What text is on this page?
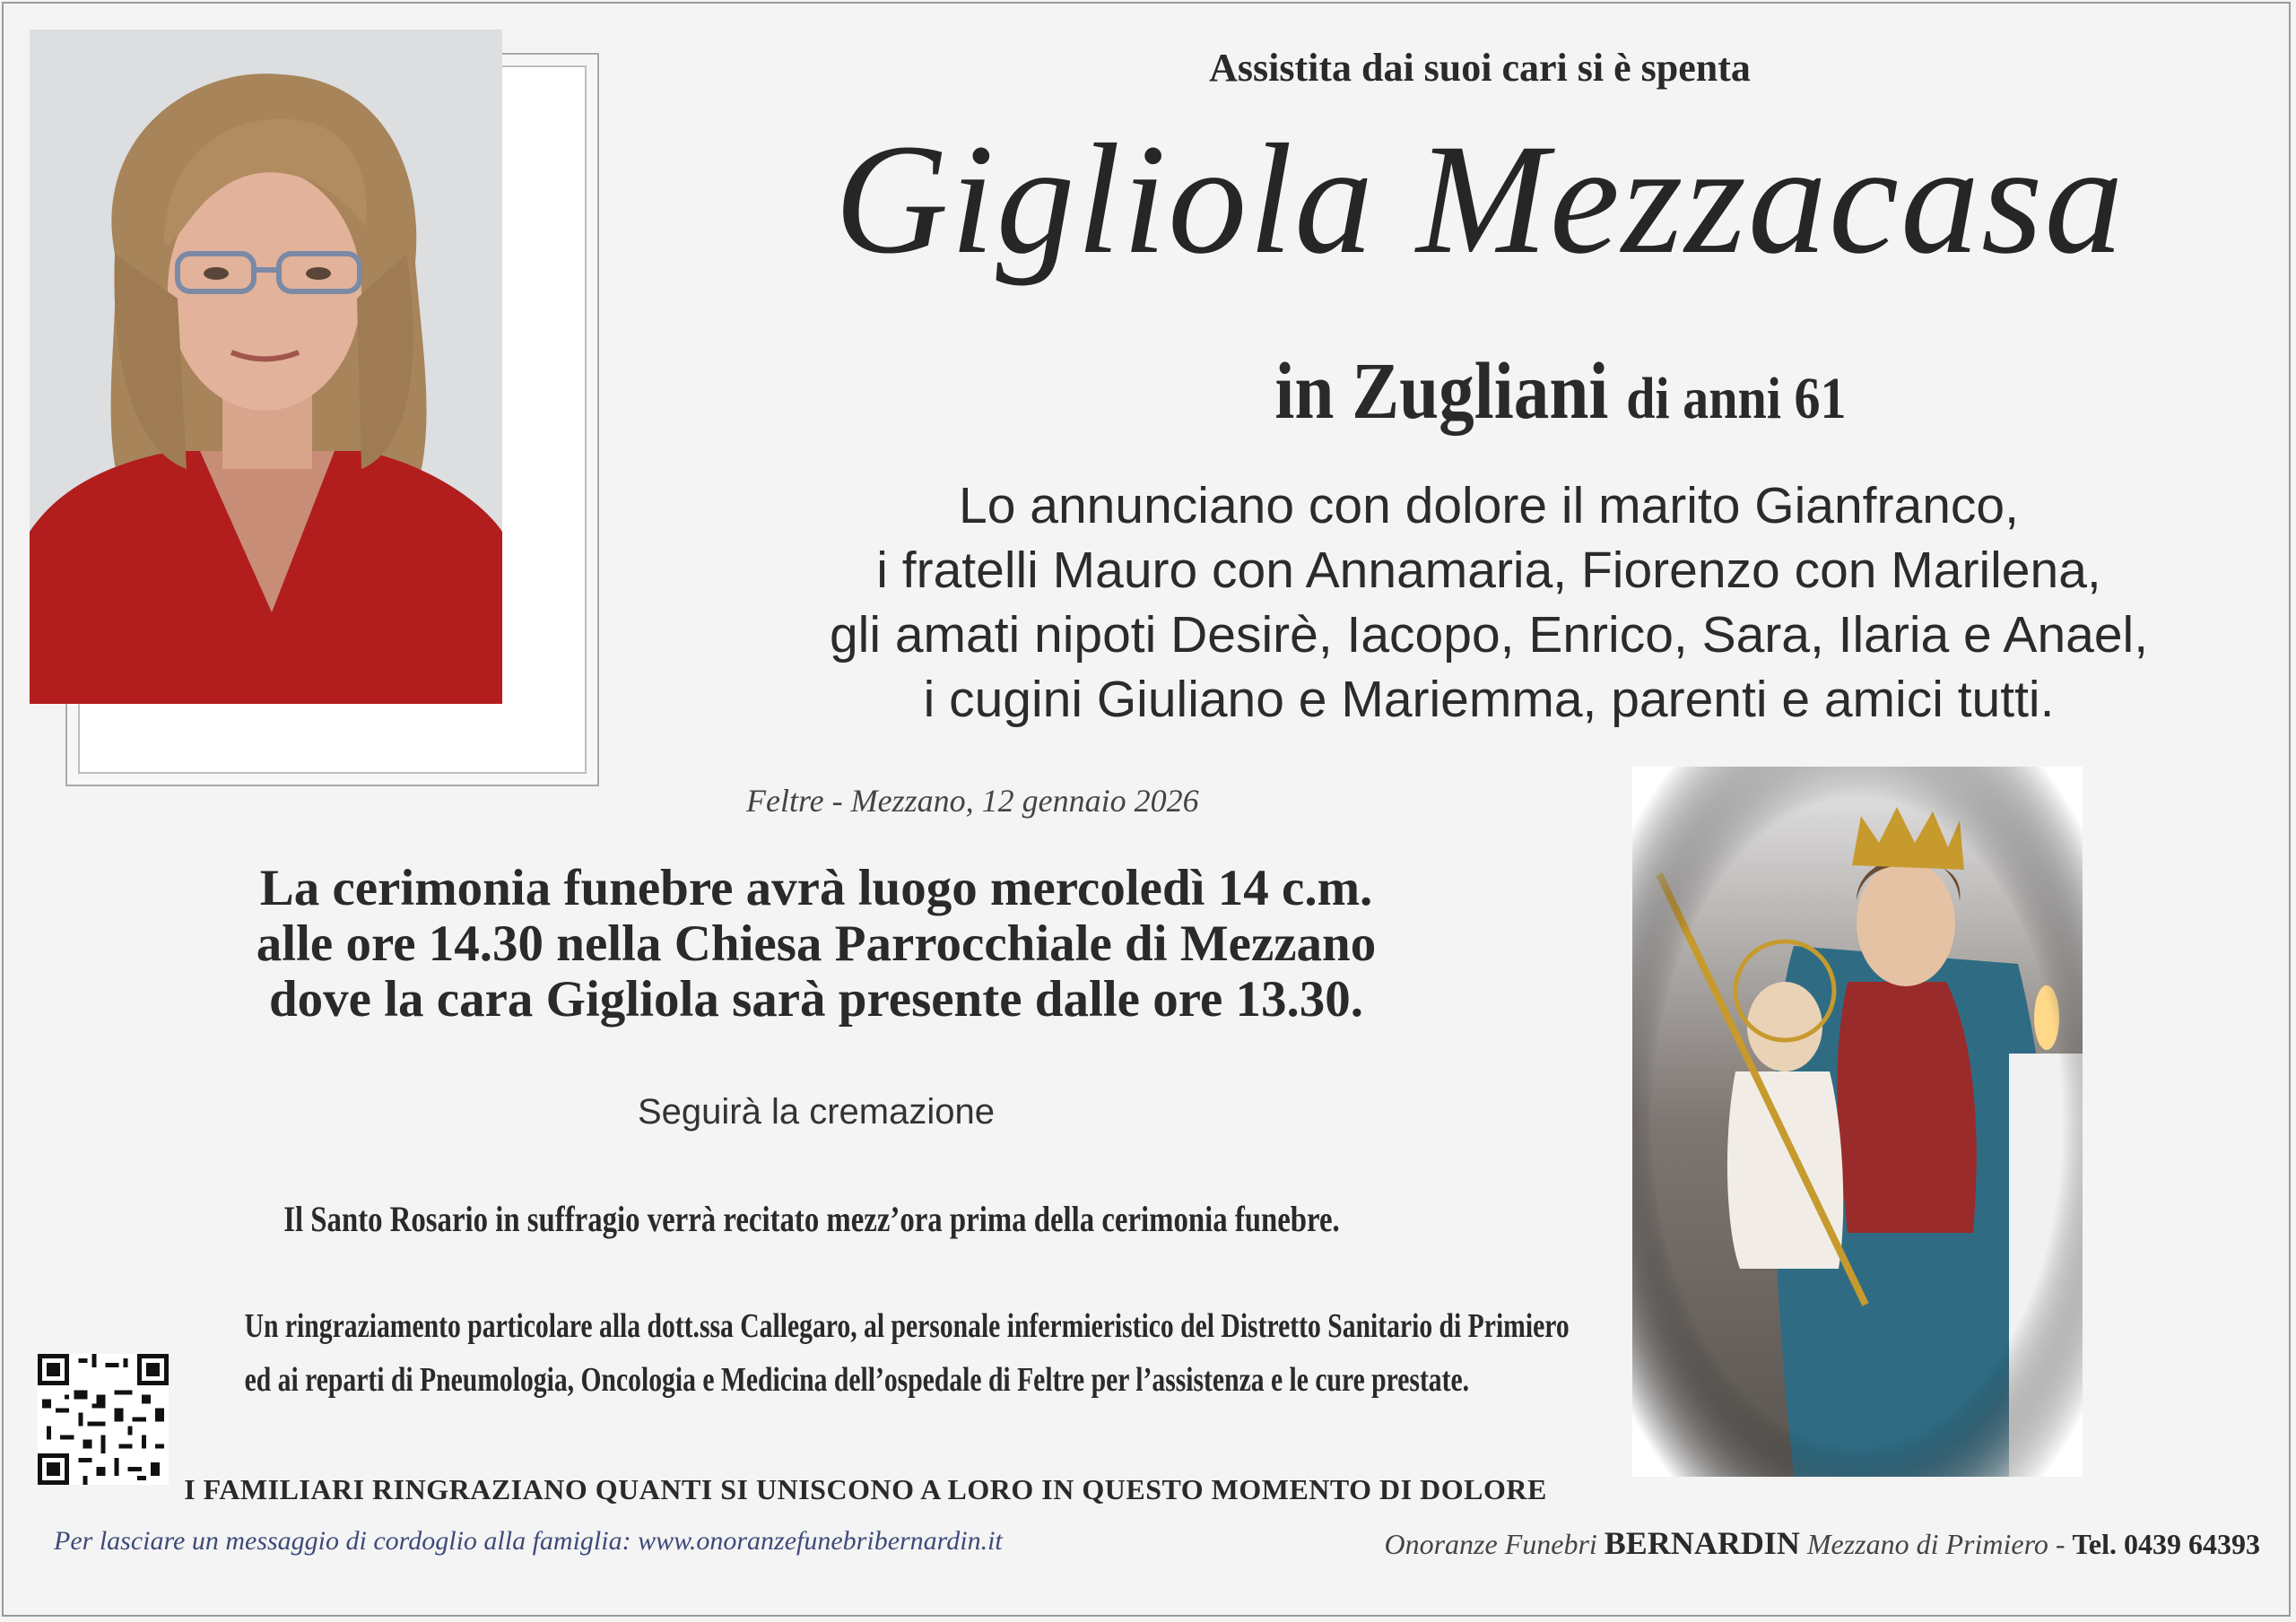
Assistita dai suoi cari si è spenta
Gigliola Mezzacasa
in Zugliani di anni 61
Lo annunciano con dolore il marito Gianfranco,
i fratelli Mauro con Annamaria, Fiorenzo con Marilena,
gli amati nipoti Desirè, Iacopo, Enrico, Sara, Ilaria e Anael,
i cugini Giuliano e Mariemma, parenti e amici tutti.
Feltre - Mezzano, 12 gennaio 2026
La cerimonia funebre avrà luogo mercoledì 14 c.m.
alle ore 14.30 nella Chiesa Parrocchiale di Mezzano
dove la cara Gigliola sarà presente dalle ore 13.30.
Seguirà la cremazione
Il Santo Rosario in suffragio verrà recitato mezz’ora prima della cerimonia funebre.
Un ringraziamento particolare alla dott.ssa Callegaro, al personale infermieristico del Distretto Sanitario di Primiero
ed ai reparti di Pneumologia, Oncologia e Medicina dell’ospedale di Feltre per l’assistenza e le cure prestate.
I FAMILIARI RINGRAZIANO QUANTI SI UNISCONO A LORO IN QUESTO MOMENTO DI DOLORE
Per lasciare un messaggio di cordoglio alla famiglia: www.onoranzefunebribernardin.it	Onoranze Funebri BERNARDIN Mezzano di Primiero - Tel. 0439 64393
